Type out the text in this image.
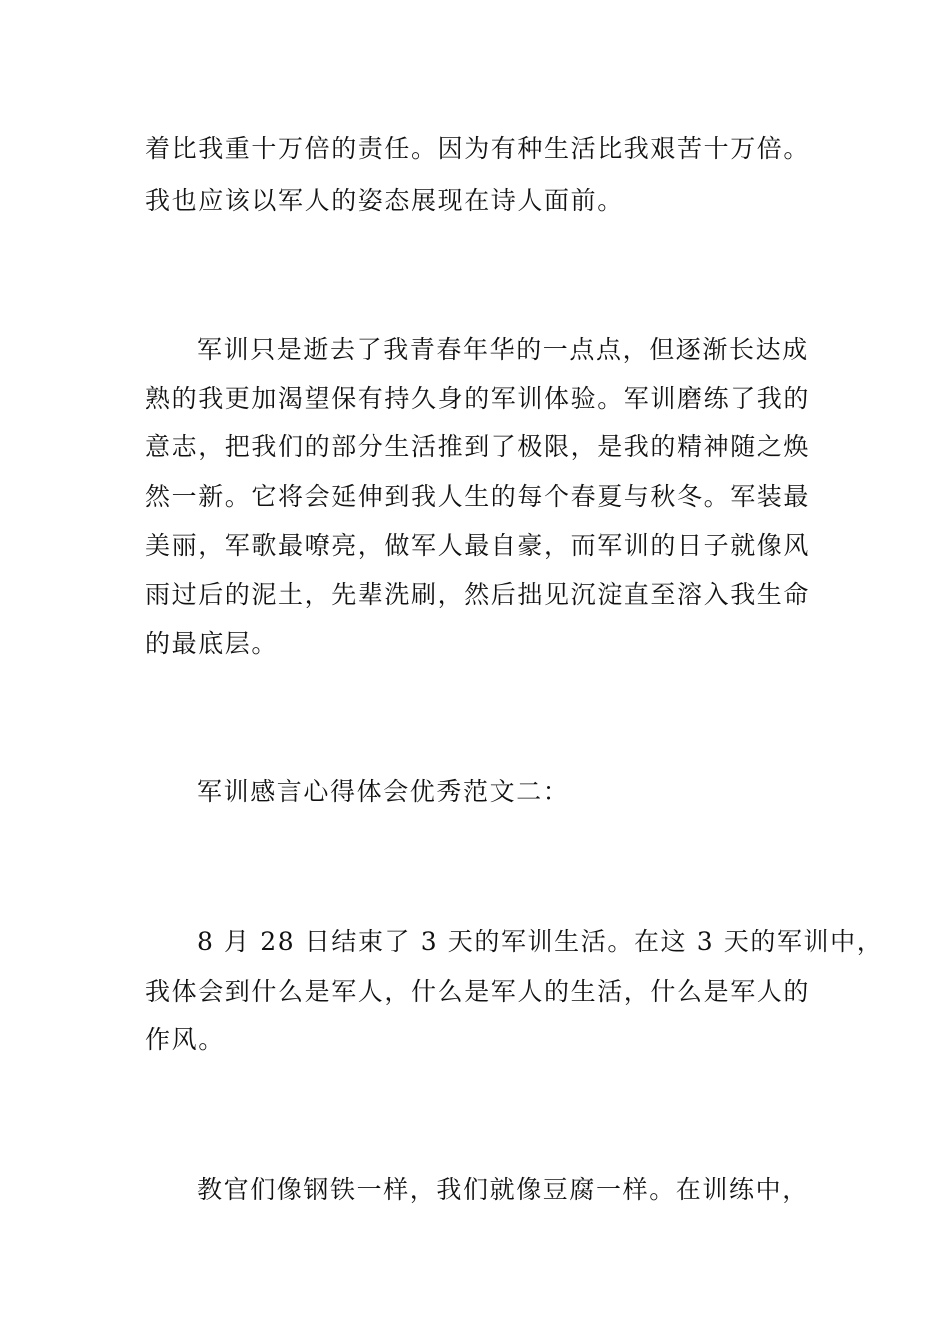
着比我重十万倍的责任。因为有种生活比我艰苦十万倍。

我也应该以军人的姿态展现在诗人面前。

军训只是逝去了我青春年华的一点点，但逐渐长达成

熟的我更加渴望保有持久身的军训体验。军训磨练了我的

意志，把我们的部分生活推到了极限，是我的精神随之焕

然一新。它将会延伸到我人生的每个春夏与秋冬。军装最

美丽，军歌最嘹亮，做军人最自豪，而军训的日子就像风

雨过后的泥土，先辈洗刷，然后拙见沉淀直至溶入我生命

的最底层。

军训感言心得体会优秀范文二：

8 月 28 日结束了 3 天的军训生活。在这 3 天的军训中，

我体会到什么是军人，什么是军人的生活，什么是军人的

作风。

教官们像钢铁一样，我们就像豆腐一样。在训练中，
